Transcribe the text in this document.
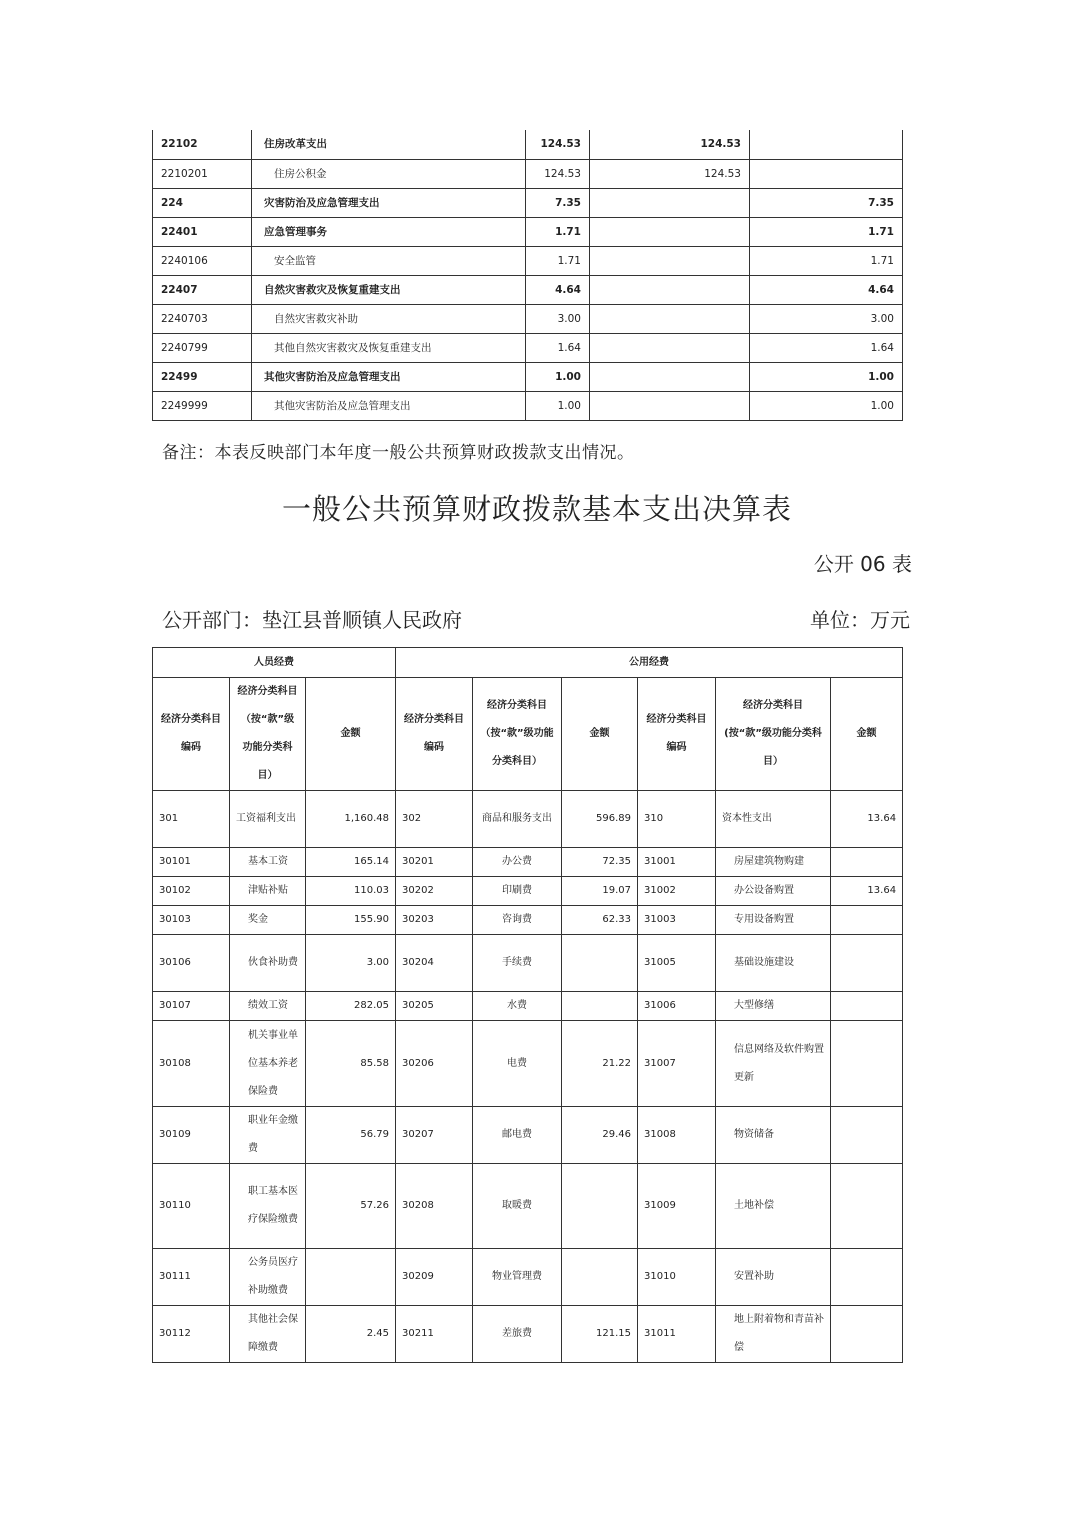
22102	住房改革支出	124.53	124.53	
2210201	住房公积金	124.53	124.53	
224	灾害防治及应急管理支出	7.35		7.35
22401	应急管理事务	1.71		1.71
2240106	安全监管	1.71		1.71
22407	自然灾害救灾及恢复重建支出	4.64		4.64
2240703	自然灾害救灾补助	3.00		3.00
2240799	其他自然灾害救灾及恢复重建支出	1.64		1.64
22499	其他灾害防治及应急管理支出	1.00		1.00
2249999	其他灾害防治及应急管理支出	1.00		1.00
备注：本表反映部门本年度一般公共预算财政拨款支出情况。
一般公共预算财政拨款基本支出决算表
公开 06 表
公开部门：垫江县普顺镇人民政府	单位：万元
人员经费			公用经费					
经济分类科目编码	经济分类科目（按“款”级功能分类科目）	金额	经济分类科目编码	经济分类科目（按“款”级功能分类科目）	金额	经济分类科目编码	经济分类科目(按“款”级功能分类科目）	金额
301	工资福利支出	1,160.48	302	商品和服务支出	596.89	310	资本性支出	13.64
30101	基本工资	165.14	30201	办公费	72.35	31001	房屋建筑物购建	
30102	津贴补贴	110.03	30202	印刷费	19.07	31002	办公设备购置	13.64
30103	奖金	155.90	30203	咨询费	62.33	31003	专用设备购置	
30106	伙食补助费	3.00	30204	手续费		31005	基础设施建设	
30107	绩效工资	282.05	30205	水费		31006	大型修缮	
30108	机关事业单位基本养老保险费	85.58	30206	电费	21.22	31007	信息网络及软件购置更新	
30109	职业年金缴费	56.79	30207	邮电费	29.46	31008	物资储备	
30110	职工基本医疗保险缴费	57.26	30208	取暖费		31009	土地补偿	
30111	公务员医疗补助缴费		30209	物业管理费		31010	安置补助	
30112	其他社会保障缴费	2.45	30211	差旅费	121.15	31011	地上附着物和青苗补偿	
